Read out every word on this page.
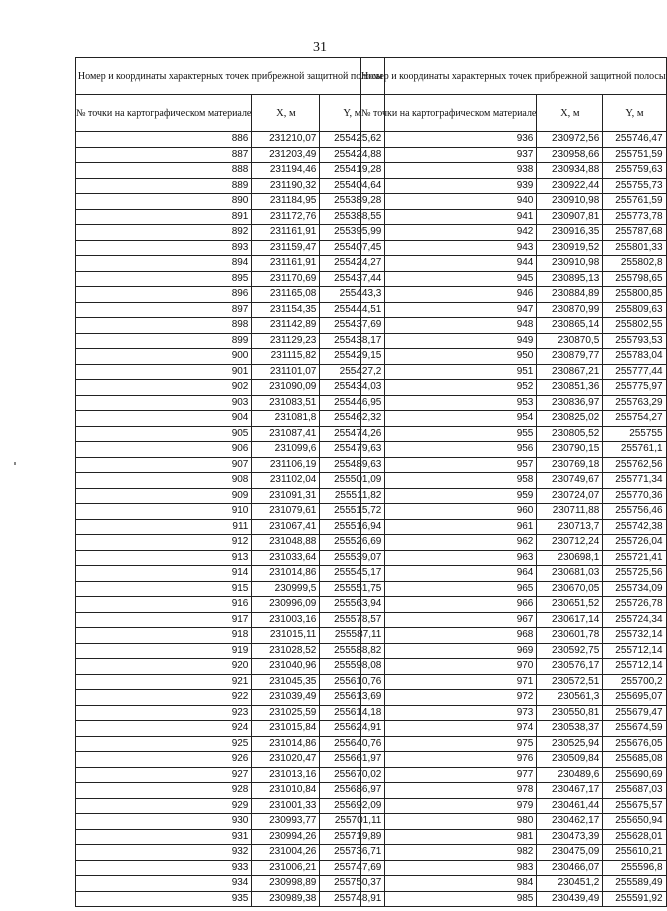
31
Номер и координаты характерных точек прибрежной защитной полосы		
№ точки на картографическом материале	X, м	Y, м
886	231210,07	255425,62
887	231203,49	255424,88
888	231194,46	255419,28
889	231190,32	255404,64
890	231184,95	255389,28
891	231172,76	255388,55
892	231161,91	255395,99
893	231159,47	255407,45
894	231161,91	255424,27
895	231170,69	255437,44
896	231165,08	255443,3
897	231154,35	255444,51
898	231142,89	255437,69
899	231129,23	255438,17
900	231115,82	255429,15
901	231101,07	255427,2
902	231090,09	255434,03
903	231083,51	255446,95
904	231081,8	255462,32
905	231087,41	255474,26
906	231099,6	255479,63
907	231106,19	255489,63
908	231102,04	255501,09
909	231091,31	255511,82
910	231079,61	255515,72
911	231067,41	255516,94
912	231048,88	255526,69
913	231033,64	255539,07
914	231014,86	255545,17
915	230999,5	255551,75
916	230996,09	255563,94
917	231003,16	255578,57
918	231015,11	255587,11
919	231028,52	255588,82
920	231040,96	255598,08
921	231045,35	255610,76
922	231039,49	255613,69
923	231025,59	255614,18
924	231015,84	255624,91
925	231014,86	255640,76
926	231020,47	255661,97
927	231013,16	255670,02
928	231010,84	255686,97
929	231001,33	255692,09
930	230993,77	255701,11
931	230994,26	255719,89
932	231004,26	255736,71
933	231006,21	255747,69
934	230998,89	255750,37
935	230989,38	255748,91
Номер и координаты характерных точек прибрежной защитной полосы		
№ точки на картографическом материале	X, м	Y, м
936	230972,56	255746,47
937	230958,66	255751,59
938	230934,88	255759,63
939	230922,44	255755,73
940	230910,98	255761,59
941	230907,81	255773,78
942	230916,35	255787,68
943	230919,52	255801,33
944	230910,98	255802,8
945	230895,13	255798,65
946	230884,89	255800,85
947	230870,99	255809,63
948	230865,14	255802,55
949	230870,5	255793,53
950	230879,77	255783,04
951	230867,21	255777,44
952	230851,36	255775,97
953	230836,97	255763,29
954	230825,02	255754,27
955	230805,52	255755
956	230790,15	255761,1
957	230769,18	255762,56
958	230749,67	255771,34
959	230724,07	255770,36
960	230711,88	255756,46
961	230713,7	255742,38
962	230712,24	255726,04
963	230698,1	255721,41
964	230681,03	255725,56
965	230670,05	255734,09
966	230651,52	255726,78
967	230617,14	255724,34
968	230601,78	255732,14
969	230592,75	255712,14
970	230576,17	255712,14
971	230572,51	255700,2
972	230561,3	255695,07
973	230550,81	255679,47
974	230538,37	255674,59
975	230525,94	255676,05
976	230509,84	255685,08
977	230489,6	255690,69
978	230467,17	255687,03
979	230461,44	255675,57
980	230462,17	255650,94
981	230473,39	255628,01
982	230475,09	255610,21
983	230466,07	255596,8
984	230451,2	255589,49
985	230439,49	255591,92
